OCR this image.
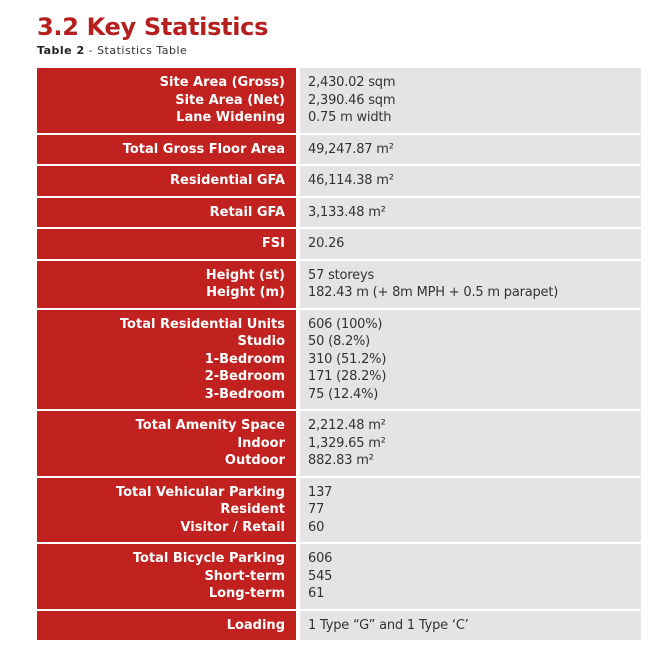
3.2 Key Statistics
Table 2 - Statistics Table
Site Area (Gross)
Site Area (Net)
Lane Widening
2,430.02 sqm
2,390.46 sqm
0.75 m width
Total Gross Floor Area 49,247.87 m²
Residential GFA 46,114.38 m²
Retail GFA 3,133.48 m²
FSI 20.26
Height (st)
Height (m)
57 storeys
182.43 m (+ 8m MPH + 0.5 m parapet)
Total Residential Units
Studio
1-Bedroom
2-Bedroom
3-Bedroom
606 (100%)
50 (8.2%)
310 (51.2%)
171 (28.2%)
75 (12.4%)
Total Amenity Space
Indoor
Outdoor
2,212.48 m²
1,329.65 m²
882.83 m²
Total Vehicular Parking
Resident
Visitor / Retail
137
77
60
Total Bicycle Parking
Short-term
Long-term
606
545
61
Loading 1 Type “G” and 1 Type ‘C’
